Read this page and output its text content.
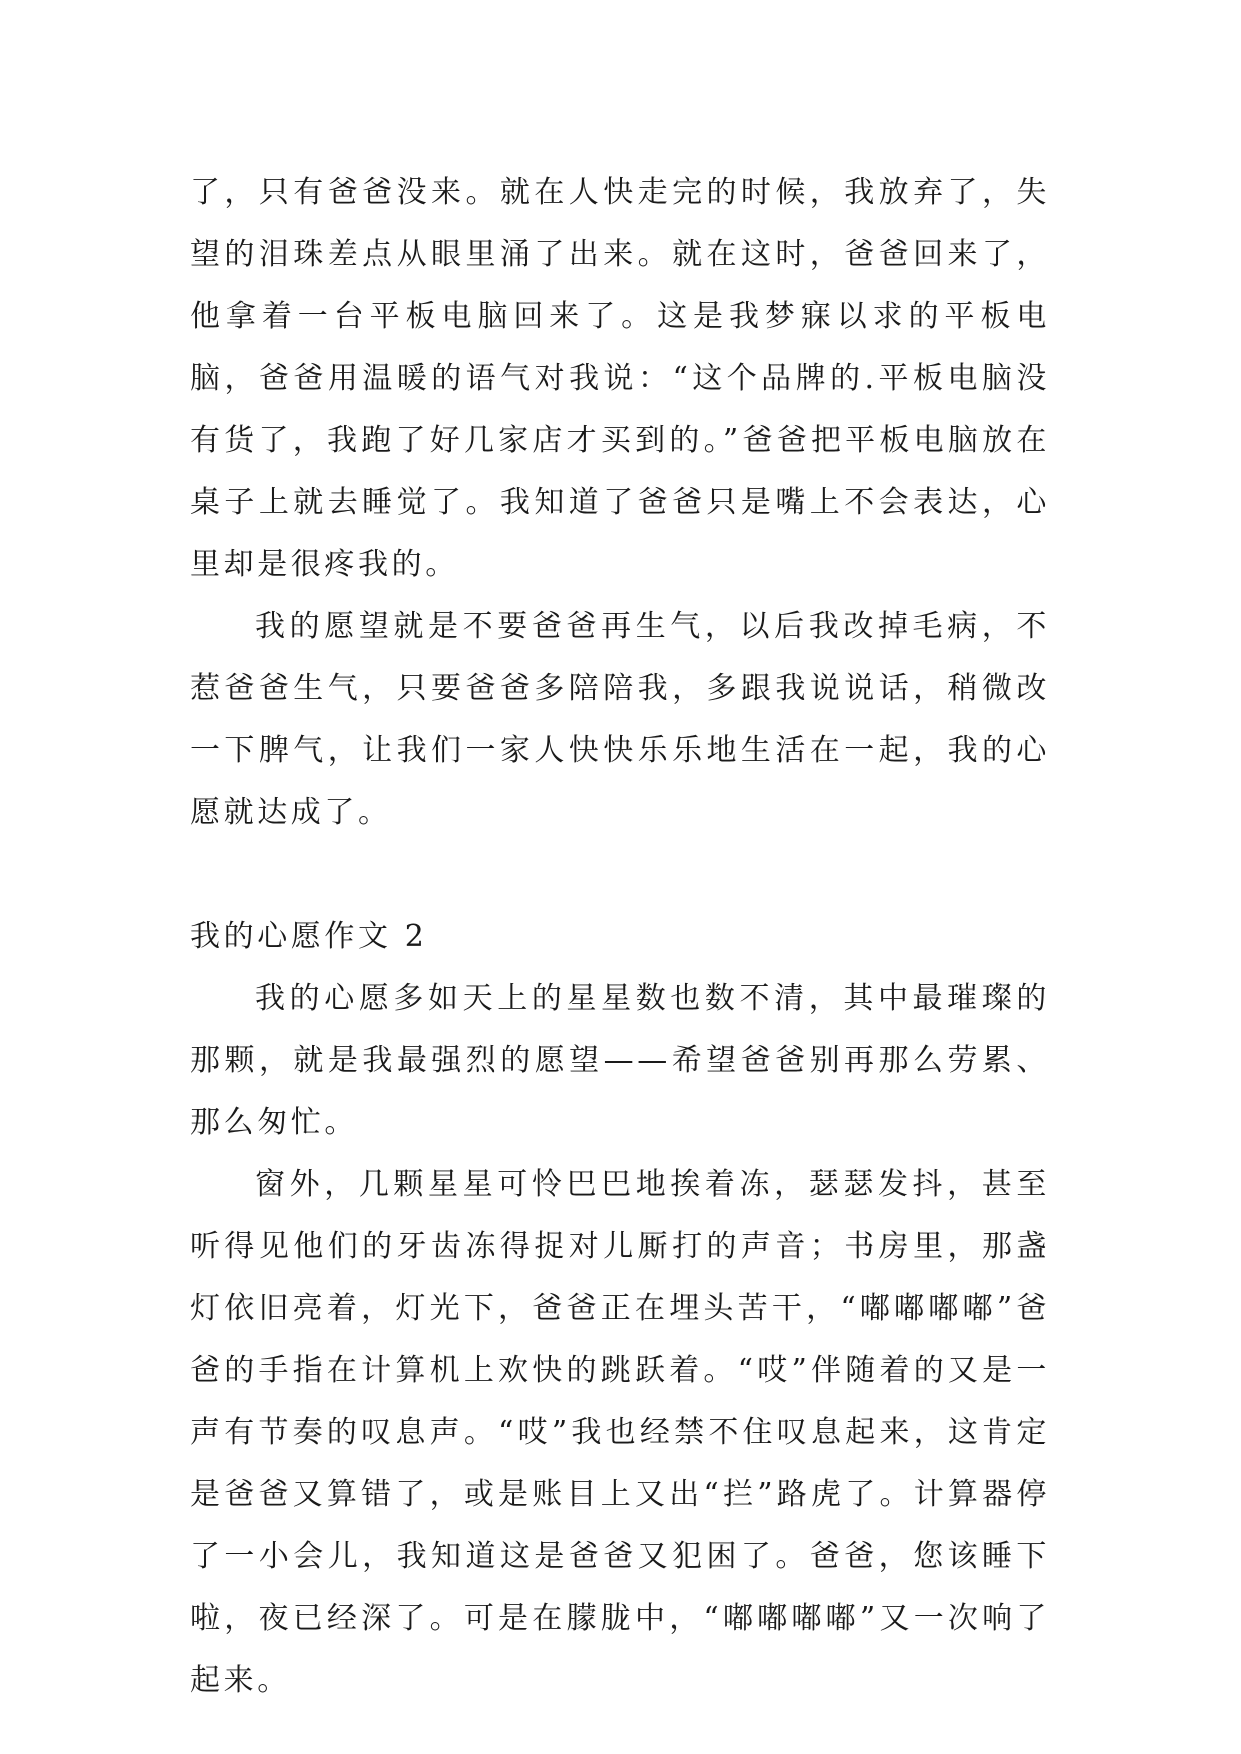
了，只有爸爸没来。就在人快走完的时候，我放弃了，失望的泪珠差点从眼里涌了出来。就在这时，爸爸回来了，他拿着一台平板电脑回来了。这是我梦寐以求的平板电脑，爸爸用温暖的语气对我说：“这个品牌的.平板电脑没有货了，我跑了好几家店才买到的。”爸爸把平板电脑放在桌子上就去睡觉了。我知道了爸爸只是嘴上不会表达，心里却是很疼我的。

我的愿望就是不要爸爸再生气，以后我改掉毛病，不惹爸爸生气，只要爸爸多陪陪我，多跟我说说话，稍微改一下脾气，让我们一家人快快乐乐地生活在一起，我的心愿就达成了。

我的心愿作文 2

我的心愿多如天上的星星数也数不清，其中最璀璨的那颗，就是我最强烈的愿望——希望爸爸别再那么劳累、那么匆忙。

窗外，几颗星星可怜巴巴地挨着冻，瑟瑟发抖，甚至听得见他们的牙齿冻得捉对儿厮打的声音；书房里，那盏灯依旧亮着，灯光下，爸爸正在埋头苦干，“嘟嘟嘟嘟”爸爸的手指在计算机上欢快的跳跃着。“哎”伴随着的又是一声有节奏的叹息声。“哎”我也经禁不住叹息起来，这肯定是爸爸又算错了，或是账目上又出“拦”路虎了。计算器停了一小会儿，我知道这是爸爸又犯困了。爸爸，您该睡下啦，夜已经深了。可是在朦胧中，“嘟嘟嘟嘟”又一次响了起来。
